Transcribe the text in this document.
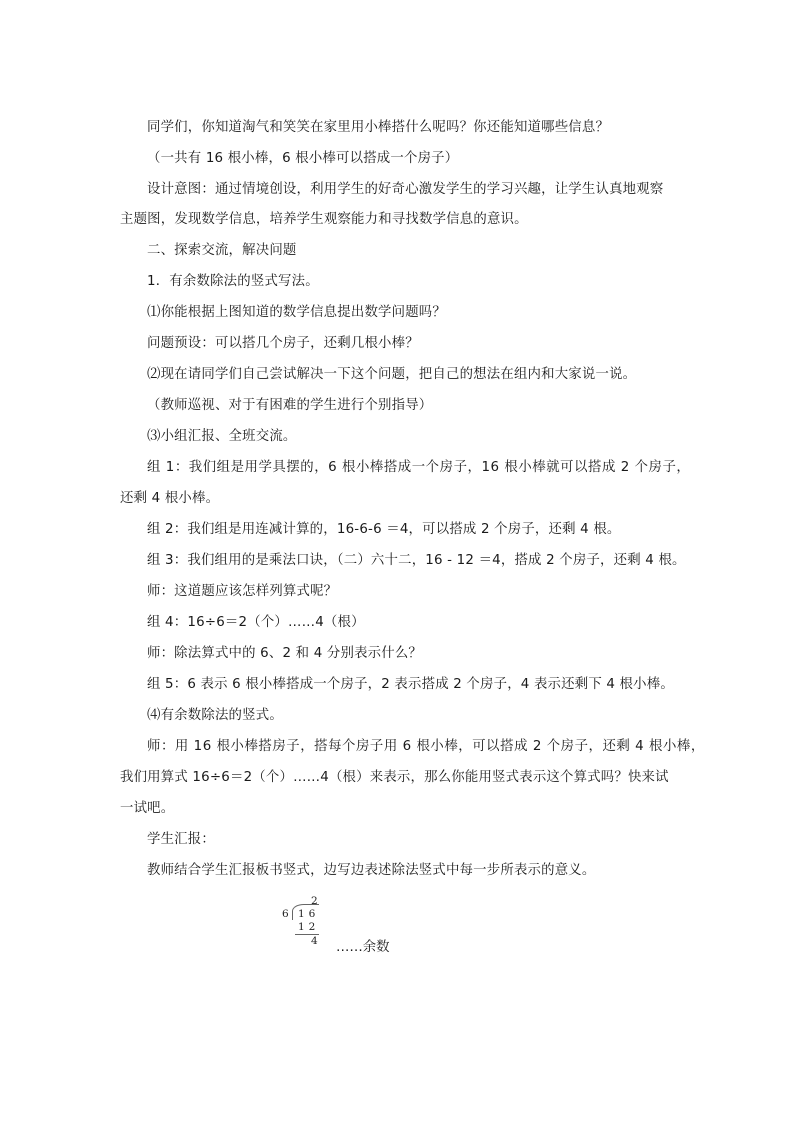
同学们，你知道淘气和笑笑在家里用小棒搭什么呢吗？你还能知道哪些信息？
（一共有 16 根小棒，6 根小棒可以搭成一个房子）
设计意图：通过情境创设，利用学生的好奇心激发学生的学习兴趣，让学生认真地观察
主题图，发现数学信息，培养学生观察能力和寻找数学信息的意识。
二、探索交流，解决问题
1．有余数除法的竖式写法。
⑴你能根据上图知道的数学信息提出数学问题吗？
问题预设：可以搭几个房子，还剩几根小棒？
⑵现在请同学们自己尝试解决一下这个问题，把自己的想法在组内和大家说一说。
（教师巡视、对于有困难的学生进行个别指导）
⑶小组汇报、全班交流。
组 1：我们组是用学具摆的，6 根小棒搭成一个房子，16 根小棒就可以搭成 2 个房子，
还剩 4 根小棒。
组 2：我们组是用连减计算的，16-6-6 ＝4，可以搭成 2 个房子，还剩 4 根。
组 3：我们组用的是乘法口诀，（二）六十二，16 - 12 ＝4，搭成 2 个房子，还剩 4 根。
师：这道题应该怎样列算式呢？
组 4：16÷6＝2（个）……4（根）
师：除法算式中的 6、2 和 4 分别表示什么？
组 5：6 表示 6 根小棒搭成一个房子，2 表示搭成 2 个房子，4 表示还剩下 4 根小棒。
⑷有余数除法的竖式。
师：用 16 根小棒搭房子，搭每个房子用 6 根小棒，可以搭成 2 个房子，还剩 4 根小棒，
我们用算式 16÷6＝2（个）……4（根）来表示，那么你能用竖式表示这个算式吗？快来试
一试吧。
学生汇报：
教师结合学生汇报板书竖式，边写边表述除法竖式中每一步所表示的意义。
2
6 16
12
4 ……余数
